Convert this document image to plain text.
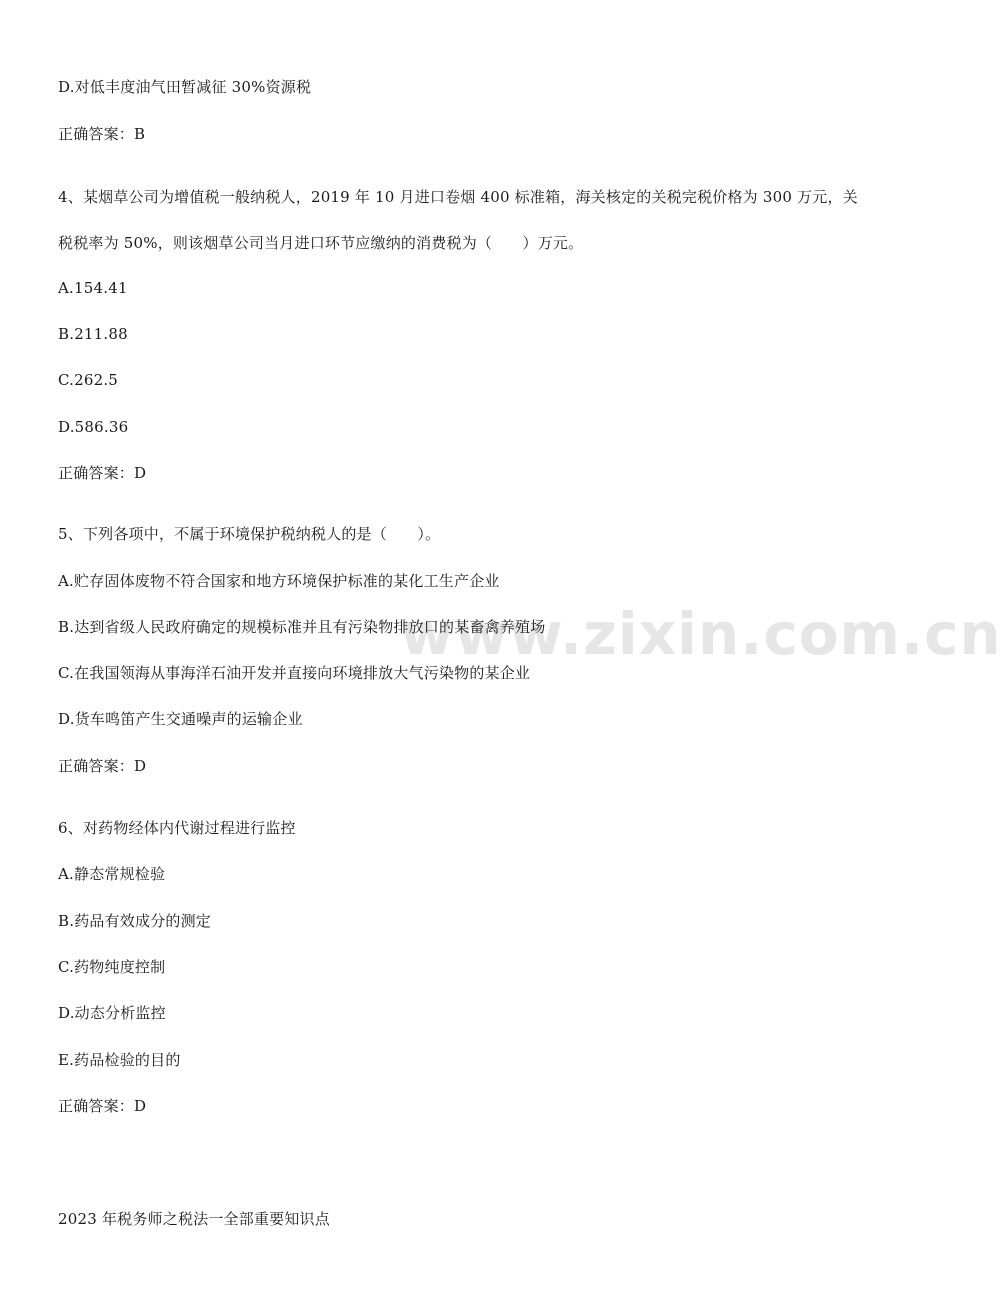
www.zixin.com.cn
D.对低丰度油气田暂减征 30%资源税
正确答案：B
4、某烟草公司为增值税一般纳税人，2019 年 10 月进口卷烟 400 标准箱，海关核定的关税完税价格为 300 万元，关税税率为 50%，则该烟草公司当月进口环节应缴纳的消费税为（　　）万元。
A.154.41
B.211.88
C.262.5
D.586.36
正确答案：D
5、下列各项中，不属于环境保护税纳税人的是（　　）。
A.贮存固体废物不符合国家和地方环境保护标准的某化工生产企业
B.达到省级人民政府确定的规模标准并且有污染物排放口的某畜禽养殖场
C.在我国领海从事海洋石油开发并直接向环境排放大气污染物的某企业
D.货车鸣笛产生交通噪声的运输企业
正确答案：D
6、对药物经体内代谢过程进行监控
A.静态常规检验
B.药品有效成分的测定
C.药物纯度控制
D.动态分析监控
E.药品检验的目的
正确答案：D
2023 年税务师之税法一全部重要知识点
